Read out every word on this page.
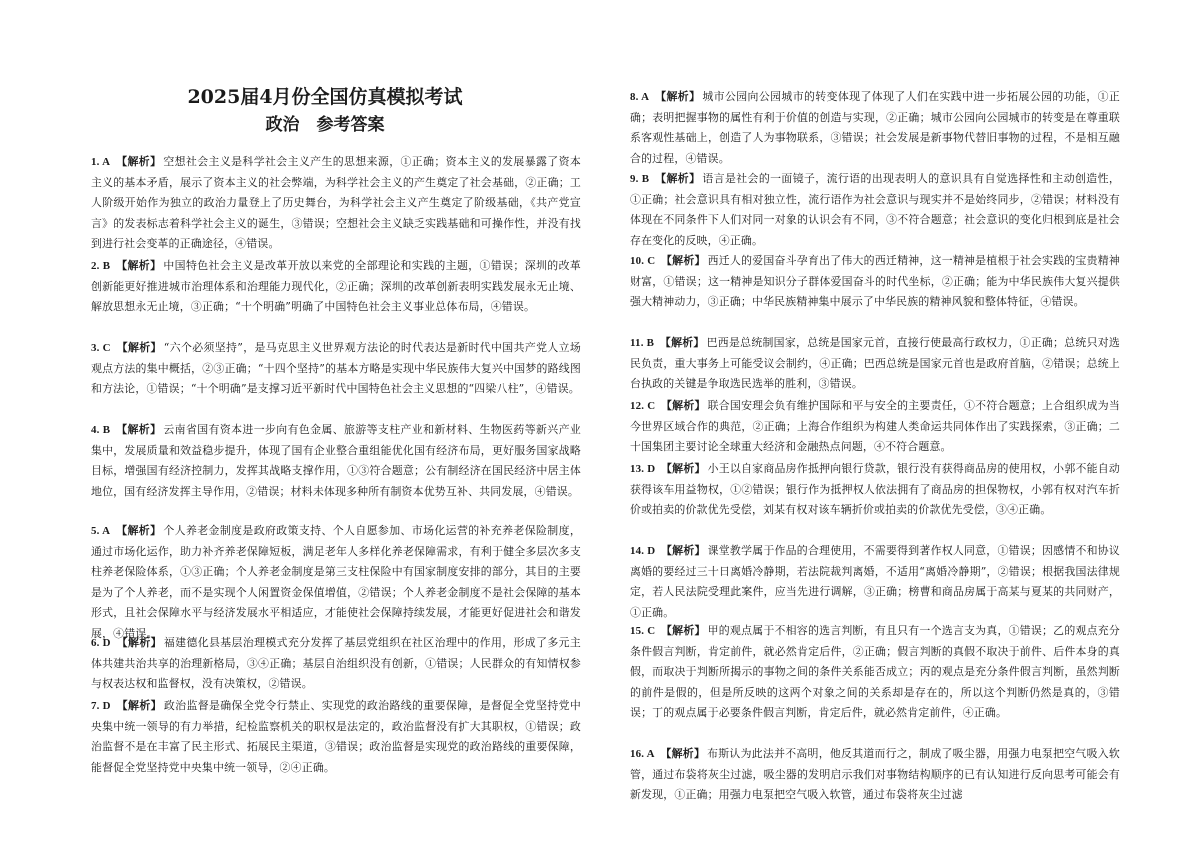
2025届4月份全国仿真模拟考试
政治　参考答案
1. A　 【解析】 空想社会主义是科学社会主义产生的思想来源，①正确；资本主义的发展暴露了资本主义的基本矛盾，展示了资本主义的社会弊端，为科学社会主义的产生奠定了社会基础，②正确；工人阶级开始作为独立的政治力量登上了历史舞台，为科学社会主义产生奠定了阶级基础，《共产党宣言》的发表标志着科学社会主义的诞生，③错误；空想社会主义缺乏实践基础和可操作性，并没有找到进行社会变革的正确途径，④错误。
2. B　 【解析】 中国特色社会主义是改革开放以来党的全部理论和实践的主题，①错误；深圳的改革创新能更好推进城市治理体系和治理能力现代化，②正确；深圳的改革创新表明实践发展永无止境、解放思想永无止境，③正确；“十个明确”明确了中国特色社会主义事业总体布局，④错误。
3. C　 【解析】 “六个必须坚持”，是马克思主义世界观方法论的时代表达是新时代中国共产党人立场观点方法的集中概括，②③正确；“十四个坚持”的基本方略是实现中华民族伟大复兴中国梦的路线图和方法论，①错误；“十个明确”是支撑习近平新时代中国特色社会主义思想的“四梁八柱”，④错误。
4. B　 【解析】 云南省国有资本进一步向有色金属、旅游等支柱产业和新材料、生物医药等新兴产业集中，发展质量和效益稳步提升，体现了国有企业整合重组能优化国有经济布局，更好服务国家战略目标，增强国有经济控制力，发挥其战略支撑作用，①③符合题意；公有制经济在国民经济中居主体地位，国有经济发挥主导作用，②错误；材料未体现多种所有制资本优势互补、共同发展，④错误。
5. A　 【解析】 个人养老金制度是政府政策支持、个人自愿参加、市场化运营的补充养老保险制度，通过市场化运作，助力补齐养老保障短板，满足老年人多样化养老保障需求，有利于健全多层次多支柱养老保险体系，①③正确；个人养老金制度是第三支柱保险中有国家制度安排的部分，其目的主要是为了个人养老，而不是实现个人闲置资金保值增值，②错误；个人养老金制度不是社会保障的基本形式，且社会保障水平与经济发展水平相适应，才能使社会保障持续发展，才能更好促进社会和谐发展，④错误。
6. D　 【解析】 福建德化县基层治理模式充分发挥了基层党组织在社区治理中的作用，形成了多元主体共建共治共享的治理新格局，③④正确；基层自治组织没有创新，①错误；人民群众的有知情权参与权表达权和监督权，没有决策权，②错误。
7. D　 【解析】 政治监督是确保全党令行禁止、实现党的政治路线的重要保障，是督促全党坚持党中央集中统一领导的有力举措，纪检监察机关的职权是法定的，政治监督没有扩大其职权，①错误；政治监督不是在丰富了民主形式、拓展民主渠道，③错误；政治监督是实现党的政治路线的重要保障，能督促全党坚持党中央集中统一领导，②④正确。
8. A　 【解析】 城市公园向公园城市的转变体现了体现了人们在实践中进一步拓展公园的功能，①正确；表明把握事物的属性有利于价值的创造与实现，②正确；城市公园向公园城市的转变是在尊重联系客观性基础上，创造了人为事物联系，③错误；社会发展是新事物代替旧事物的过程，不是相互融合的过程，④错误。
9. B　 【解析】 语言是社会的一面镜子，流行语的出现表明人的意识具有自觉选择性和主动创造性，①正确；社会意识具有相对独立性，流行语作为社会意识与现实并不是始终同步，②错误；材料没有体现在不同条件下人们对同一对象的认识会有不同，③不符合题意；社会意识的变化归根到底是社会存在变化的反映，④正确。
10. C　 【解析】 西迁人的爱国奋斗孕育出了伟大的西迁精神，这一精神是植根于社会实践的宝贵精神财富，①错误；这一精神是知识分子群体爱国奋斗的时代坐标，②正确；能为中华民族伟大复兴提供强大精神动力，③正确；中华民族精神集中展示了中华民族的精神风貌和整体特征，④错误。
11. B　 【解析】 巴西是总统制国家，总统是国家元首，直接行使最高行政权力，①正确；总统只对选民负责，重大事务上可能受议会制约，④正确；巴西总统是国家元首也是政府首脑，②错误；总统上台执政的关键是争取选民选举的胜利，③错误。
12. C　 【解析】 联合国安理会负有维护国际和平与安全的主要责任，①不符合题意；上合组织成为当今世界区域合作的典范，②正确；上海合作组织为构建人类命运共同体作出了实践探索，③正确；二十国集团主要讨论全球重大经济和金融热点问题，④不符合题意。
13. D　 【解析】 小王以自家商品房作抵押向银行贷款，银行没有获得商品房的使用权，小郭不能自动获得该车用益物权，①②错误；银行作为抵押权人依法拥有了商品房的担保物权，小郭有权对汽车折价或拍卖的价款优先受偿，刘某有权对该车辆折价或拍卖的价款优先受偿，③④正确。
14. D　 【解析】 课堂教学属于作品的合理使用，不需要得到著作权人同意，①错误；因感情不和协议离婚的要经过三十日离婚冷静期，若法院裁判离婚，不适用“离婚冷静期”，②错误；根据我国法律规定，若人民法院受理此案件，应当先进行调解，③正确；榜曹和商品房属于高某与夏某的共同财产，①正确。
15. C　 【解析】 甲的观点属于不相容的选言判断，有且只有一个选言支为真，①错误；乙的观点充分条件假言判断，肯定前件，就必然肯定后件，②正确；假言判断的真假不取决于前件、后件本身的真假，而取决于判断所揭示的事物之间的条件关系能否成立；丙的观点是充分条件假言判断，虽然判断的前件是假的，但是所反映的这两个对象之间的关系却是存在的，所以这个判断仍然是真的，③错误；丁的观点属于必要条件假言判断，肯定后件，就必然肯定前件，④正确。
16. A　 【解析】 布斯认为此法并不高明，他反其道而行之，制成了吸尘器，用强力电泵把空气吸入软管，通过布袋将灰尘过滤，吸尘器的发明启示我们对事物结构顺序的已有认知进行反向思考可能会有新发现，①正确；用强力电泵把空气吸入软管，通过布袋将灰尘过滤
